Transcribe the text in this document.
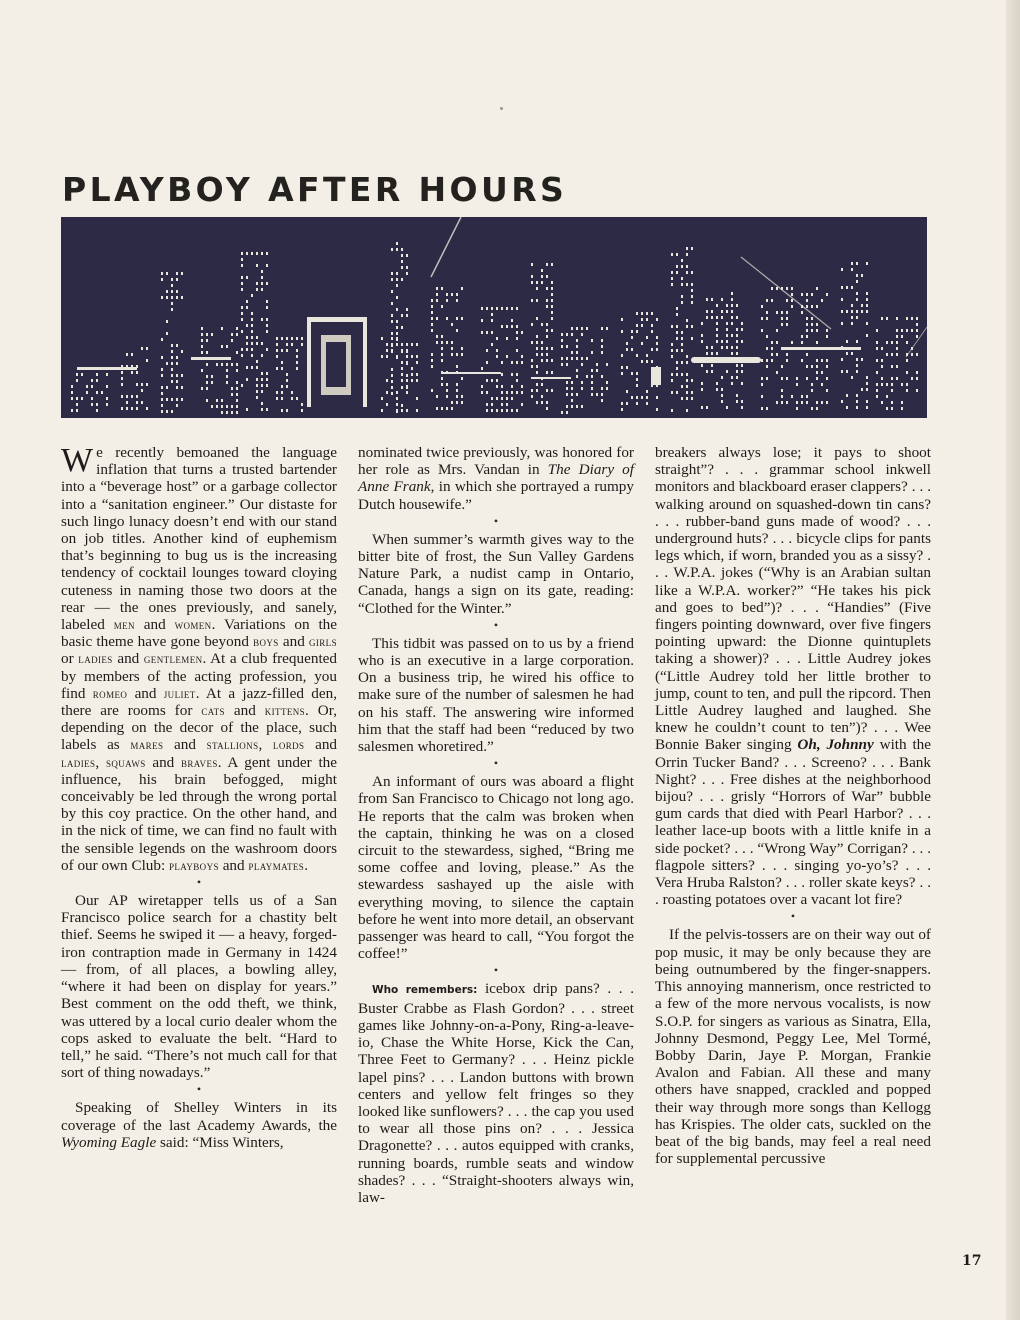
PLAYBOY AFTER HOURS
​

We recently bemoaned the language inflation that turns a trusted bartender into a “beverage host” or a garbage collector into a “sanitation engineer.” Our distaste for such lingo lunacy doesn’t end with our stand on job titles. Another kind of euphemism that’s beginning to bug us is the increasing tendency of cocktail lounges toward cloying cuteness in naming those two doors at the rear — the ones previously, and sanely, labeled men and women. Variations on the basic theme have gone beyond boys and girls or ladies and gentlemen. At a club frequented by members of the acting profession, you find romeo and juliet. At a jazz-filled den, there are rooms for cats and kittens. Or, depending on the decor of the place, such labels as mares and stallions, lords and ladies, squaws and braves. A gent under the influence, his brain befogged, might conceivably be led through the wrong portal by this coy practice. On the other hand, and in the nick of time, we can find no fault with the sensible legends on the washroom doors of our own Club: playboys and playmates.

•

Our AP wiretapper tells us of a San Francisco police search for a chastity belt thief. Seems he swiped it — a heavy, forged-iron contraption made in Germany in 1424 — from, of all places, a bowling alley, “where it had been on display for years.” Best comment on the odd theft, we think, was uttered by a local curio dealer whom the cops asked to evaluate the belt. “Hard to tell,” he said. “There’s not much call for that sort of thing nowadays.”

•

Speaking of Shelley Winters in its coverage of the last Academy Awards, the Wyoming Eagle said: “Miss Winters,

nominated twice previously, was honored for her role as Mrs. Vandan in The Diary of Anne Frank, in which she portrayed a rumpy Dutch housewife.”

•

When summer’s warmth gives way to the bitter bite of frost, the Sun Valley Gardens Nature Park, a nudist camp in Ontario, Canada, hangs a sign on its gate, reading: “Clothed for the Winter.”

•

This tidbit was passed on to us by a friend who is an executive in a large corporation. On a business trip, he wired his office to make sure of the number of salesmen he had on his staff. The answering wire informed him that the staff had been “reduced by two salesmen whoretired.”

•

An informant of ours was aboard a flight from San Francisco to Chicago not long ago. He reports that the calm was broken when the captain, thinking he was on a closed circuit to the stewardess, sighed, “Bring me some coffee and loving, please.” As the stewardess sashayed up the aisle with everything moving, to silence the captain before he went into more detail, an observant passenger was heard to call, “You forgot the coffee!”

•

Who remembers: icebox drip pans? . . . Buster Crabbe as Flash Gordon? . . . street games like Johnny-on-a-Pony, Ring-a-leave-io, Chase the White Horse, Kick the Can, Three Feet to Germany? . . . Heinz pickle lapel pins? . . . Landon buttons with brown centers and yellow felt fringes so they looked like sunflowers? . . . the cap you used to wear all those pins on? . . . Jessica Dragonette? . . . autos equipped with cranks, running boards, rumble seats and window shades? . . . “Straight-shooters always win, law-

breakers always lose; it pays to shoot straight”? . . . grammar school inkwell monitors and blackboard eraser clappers? . . . walking around on squashed-down tin cans? . . . rubber-band guns made of wood? . . . underground huts? . . . bicycle clips for pants legs which, if worn, branded you as a sissy? . . . W.P.A. jokes (“Why is an Arabian sultan like a W.P.A. worker?” “He takes his pick and goes to bed”)? . . . “Handies” (Five fingers pointing downward, over five fingers pointing upward: the Dionne quintuplets taking a shower)? . . . Little Audrey jokes (“Little Audrey told her little brother to jump, count to ten, and pull the ripcord. Then Little Audrey laughed and laughed. She knew he couldn’t count to ten”)? . . . Wee Bonnie Baker singing Oh, Johnny with the Orrin Tucker Band? . . . Screeno? . . . Bank Night? . . . Free dishes at the neighborhood bijou? . . . grisly “Horrors of War” bubble gum cards that died with Pearl Harbor? . . . leather lace-up boots with a little knife in a side pocket? . . . “Wrong Way” Corrigan? . . . flagpole sitters? . . . singing yo-yo’s? . . . Vera Hruba Ralston? . . . roller skate keys? . . . roasting potatoes over a vacant lot fire?

•

If the pelvis-tossers are on their way out of pop music, it may be only because they are being outnumbered by the finger-snappers. This annoying mannerism, once restricted to a few of the more nervous vocalists, is now S.O.P. for singers as various as Sinatra, Ella, Johnny Desmond, Peggy Lee, Mel Tormé, Bobby Darin, Jaye P. Morgan, Frankie Avalon and Fabian. All these and many others have snapped, crackled and popped their way through more songs than Kellogg has Krispies. The older cats, suckled on the beat of the big bands, may feel a real need for supplemental percussive

17
